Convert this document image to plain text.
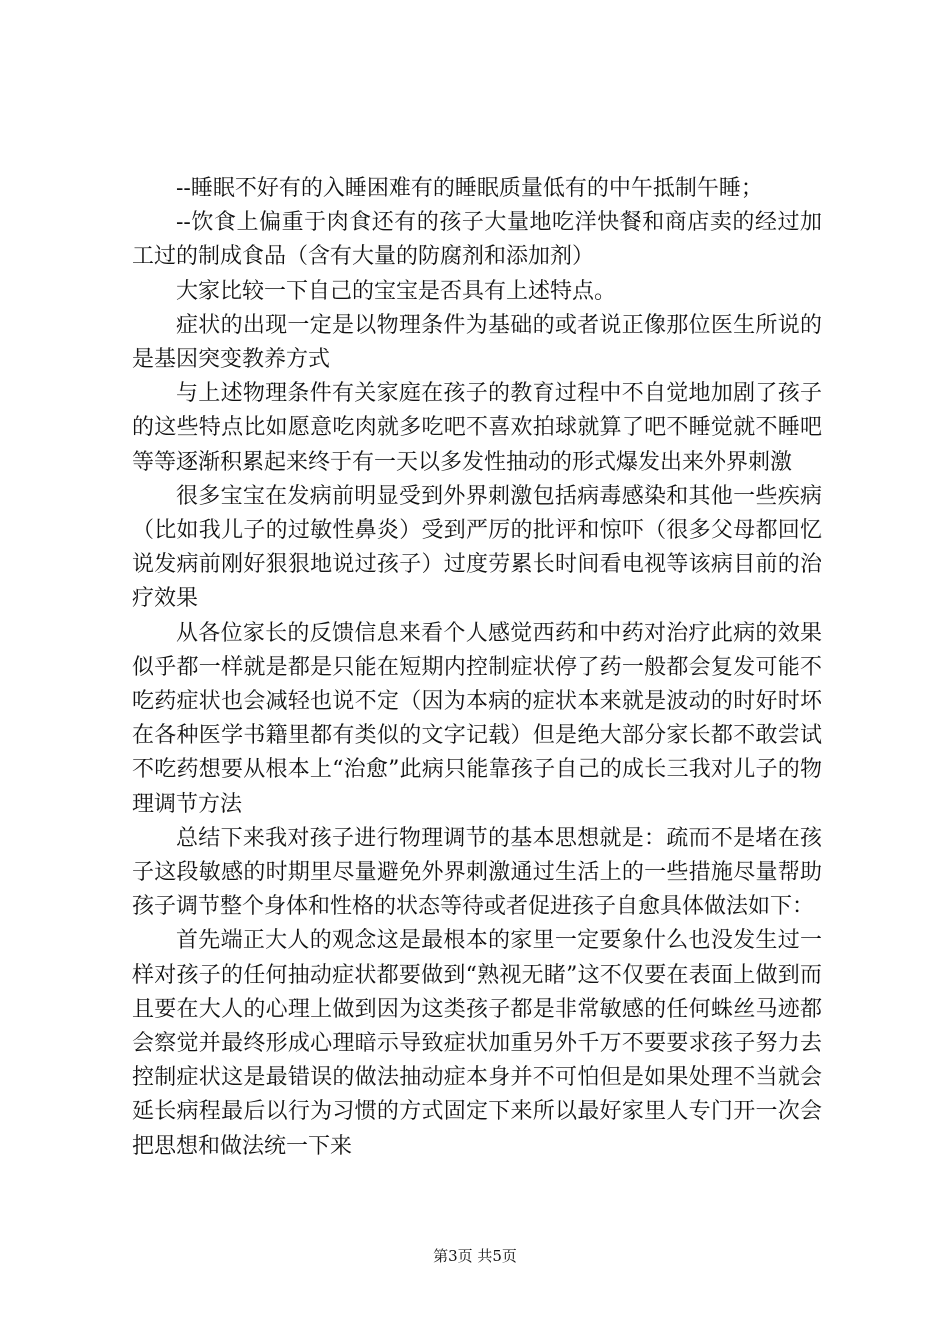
--睡眠不好有的入睡困难有的睡眠质量低有的中午抵制午睡；

--饮食上偏重于肉食还有的孩子大量地吃洋快餐和商店卖的经过加工过的制成食品（含有大量的防腐剂和添加剂）

大家比较一下自己的宝宝是否具有上述特点。

症状的出现一定是以物理条件为基础的或者说正像那位医生所说的是基因突变教养方式

与上述物理条件有关家庭在孩子的教育过程中不自觉地加剧了孩子的这些特点比如愿意吃肉就多吃吧不喜欢拍球就算了吧不睡觉就不睡吧等等逐渐积累起来终于有一天以多发性抽动的形式爆发出来外界刺激

很多宝宝在发病前明显受到外界刺激包括病毒感染和其他一些疾病（比如我儿子的过敏性鼻炎）受到严厉的批评和惊吓（很多父母都回忆说发病前刚好狠狠地说过孩子）过度劳累长时间看电视等该病目前的治疗效果

从各位家长的反馈信息来看个人感觉西药和中药对治疗此病的效果似乎都一样就是都是只能在短期内控制症状停了药一般都会复发可能不吃药症状也会减轻也说不定（因为本病的症状本来就是波动的时好时坏在各种医学书籍里都有类似的文字记载）但是绝大部分家长都不敢尝试不吃药想要从根本上“治愈”此病只能靠孩子自己的成长三我对儿子的物理调节方法

总结下来我对孩子进行物理调节的基本思想就是：疏而不是堵在孩子这段敏感的时期里尽量避免外界刺激通过生活上的一些措施尽量帮助孩子调节整个身体和性格的状态等待或者促进孩子自愈具体做法如下：

首先端正大人的观念这是最根本的家里一定要象什么也没发生过一样对孩子的任何抽动症状都要做到“熟视无睹”这不仅要在表面上做到而且要在大人的心理上做到因为这类孩子都是非常敏感的任何蛛丝马迹都会察觉并最终形成心理暗示导致症状加重另外千万不要要求孩子努力去控制症状这是最错误的做法抽动症本身并不可怕但是如果处理不当就会延长病程最后以行为习惯的方式固定下来所以最好家里人专门开一次会把思想和做法统一下来

第3页 共5页
